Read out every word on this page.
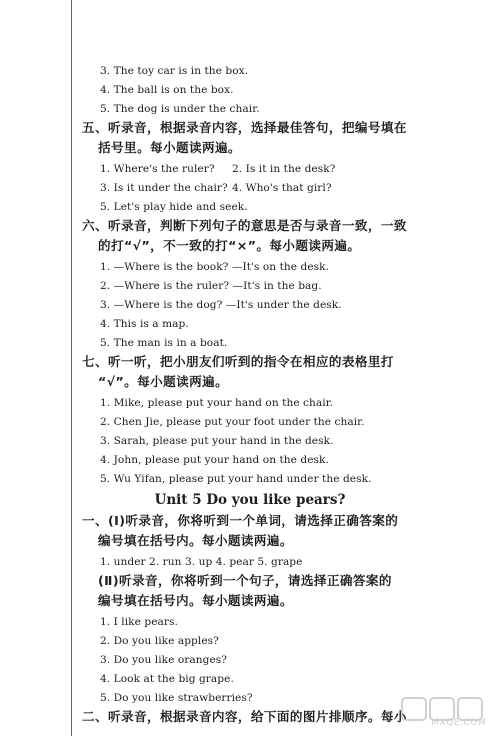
3. The toy car is in the box.
4. The ball is on the box.
5. The dog is under the chair.
五、听录音，根据录音内容，选择最佳答句，把编号填在
括号里。每小题读两遍。
1. Where's the ruler? 2. Is it in the desk?
3. Is it under the chair? 4. Who's that girl?
5. Let's play hide and seek.
六、听录音，判断下列句子的意思是否与录音一致，一致
的打“√”，不一致的打“×”。每小题读两遍。
1. —Where is the book? —It's on the desk.
2. —Where is the ruler? —It's in the bag.
3. —Where is the dog? —It's under the desk.
4. This is a map.
5. The man is in a boat.
七、听一听，把小朋友们听到的指令在相应的表格里打
“√”。每小题读两遍。
1. Mike, please put your hand on the chair.
2. Chen Jie, please put your foot under the chair.
3. Sarah, please put your hand in the desk.
4. John, please put your hand on the desk.
5. Wu Yifan, please put your hand under the desk.
Unit 5 Do you like pears?
一、(Ⅰ)听录音，你将听到一个单词，请选择正确答案的
编号填在括号内。每小题读两遍。
1. under 2. run 3. up 4. pear 5. grape
(Ⅱ)听录音，你将听到一个句子，请选择正确答案的
编号填在括号内。每小题读两遍。
1. I like pears.
2. Do you like apples?
3. Do you like oranges?
4. Look at the big grape.
5. Do you like strawberries?
二、听录音，根据录音内容，给下面的图片排顺序。每小	MXQE.COM
